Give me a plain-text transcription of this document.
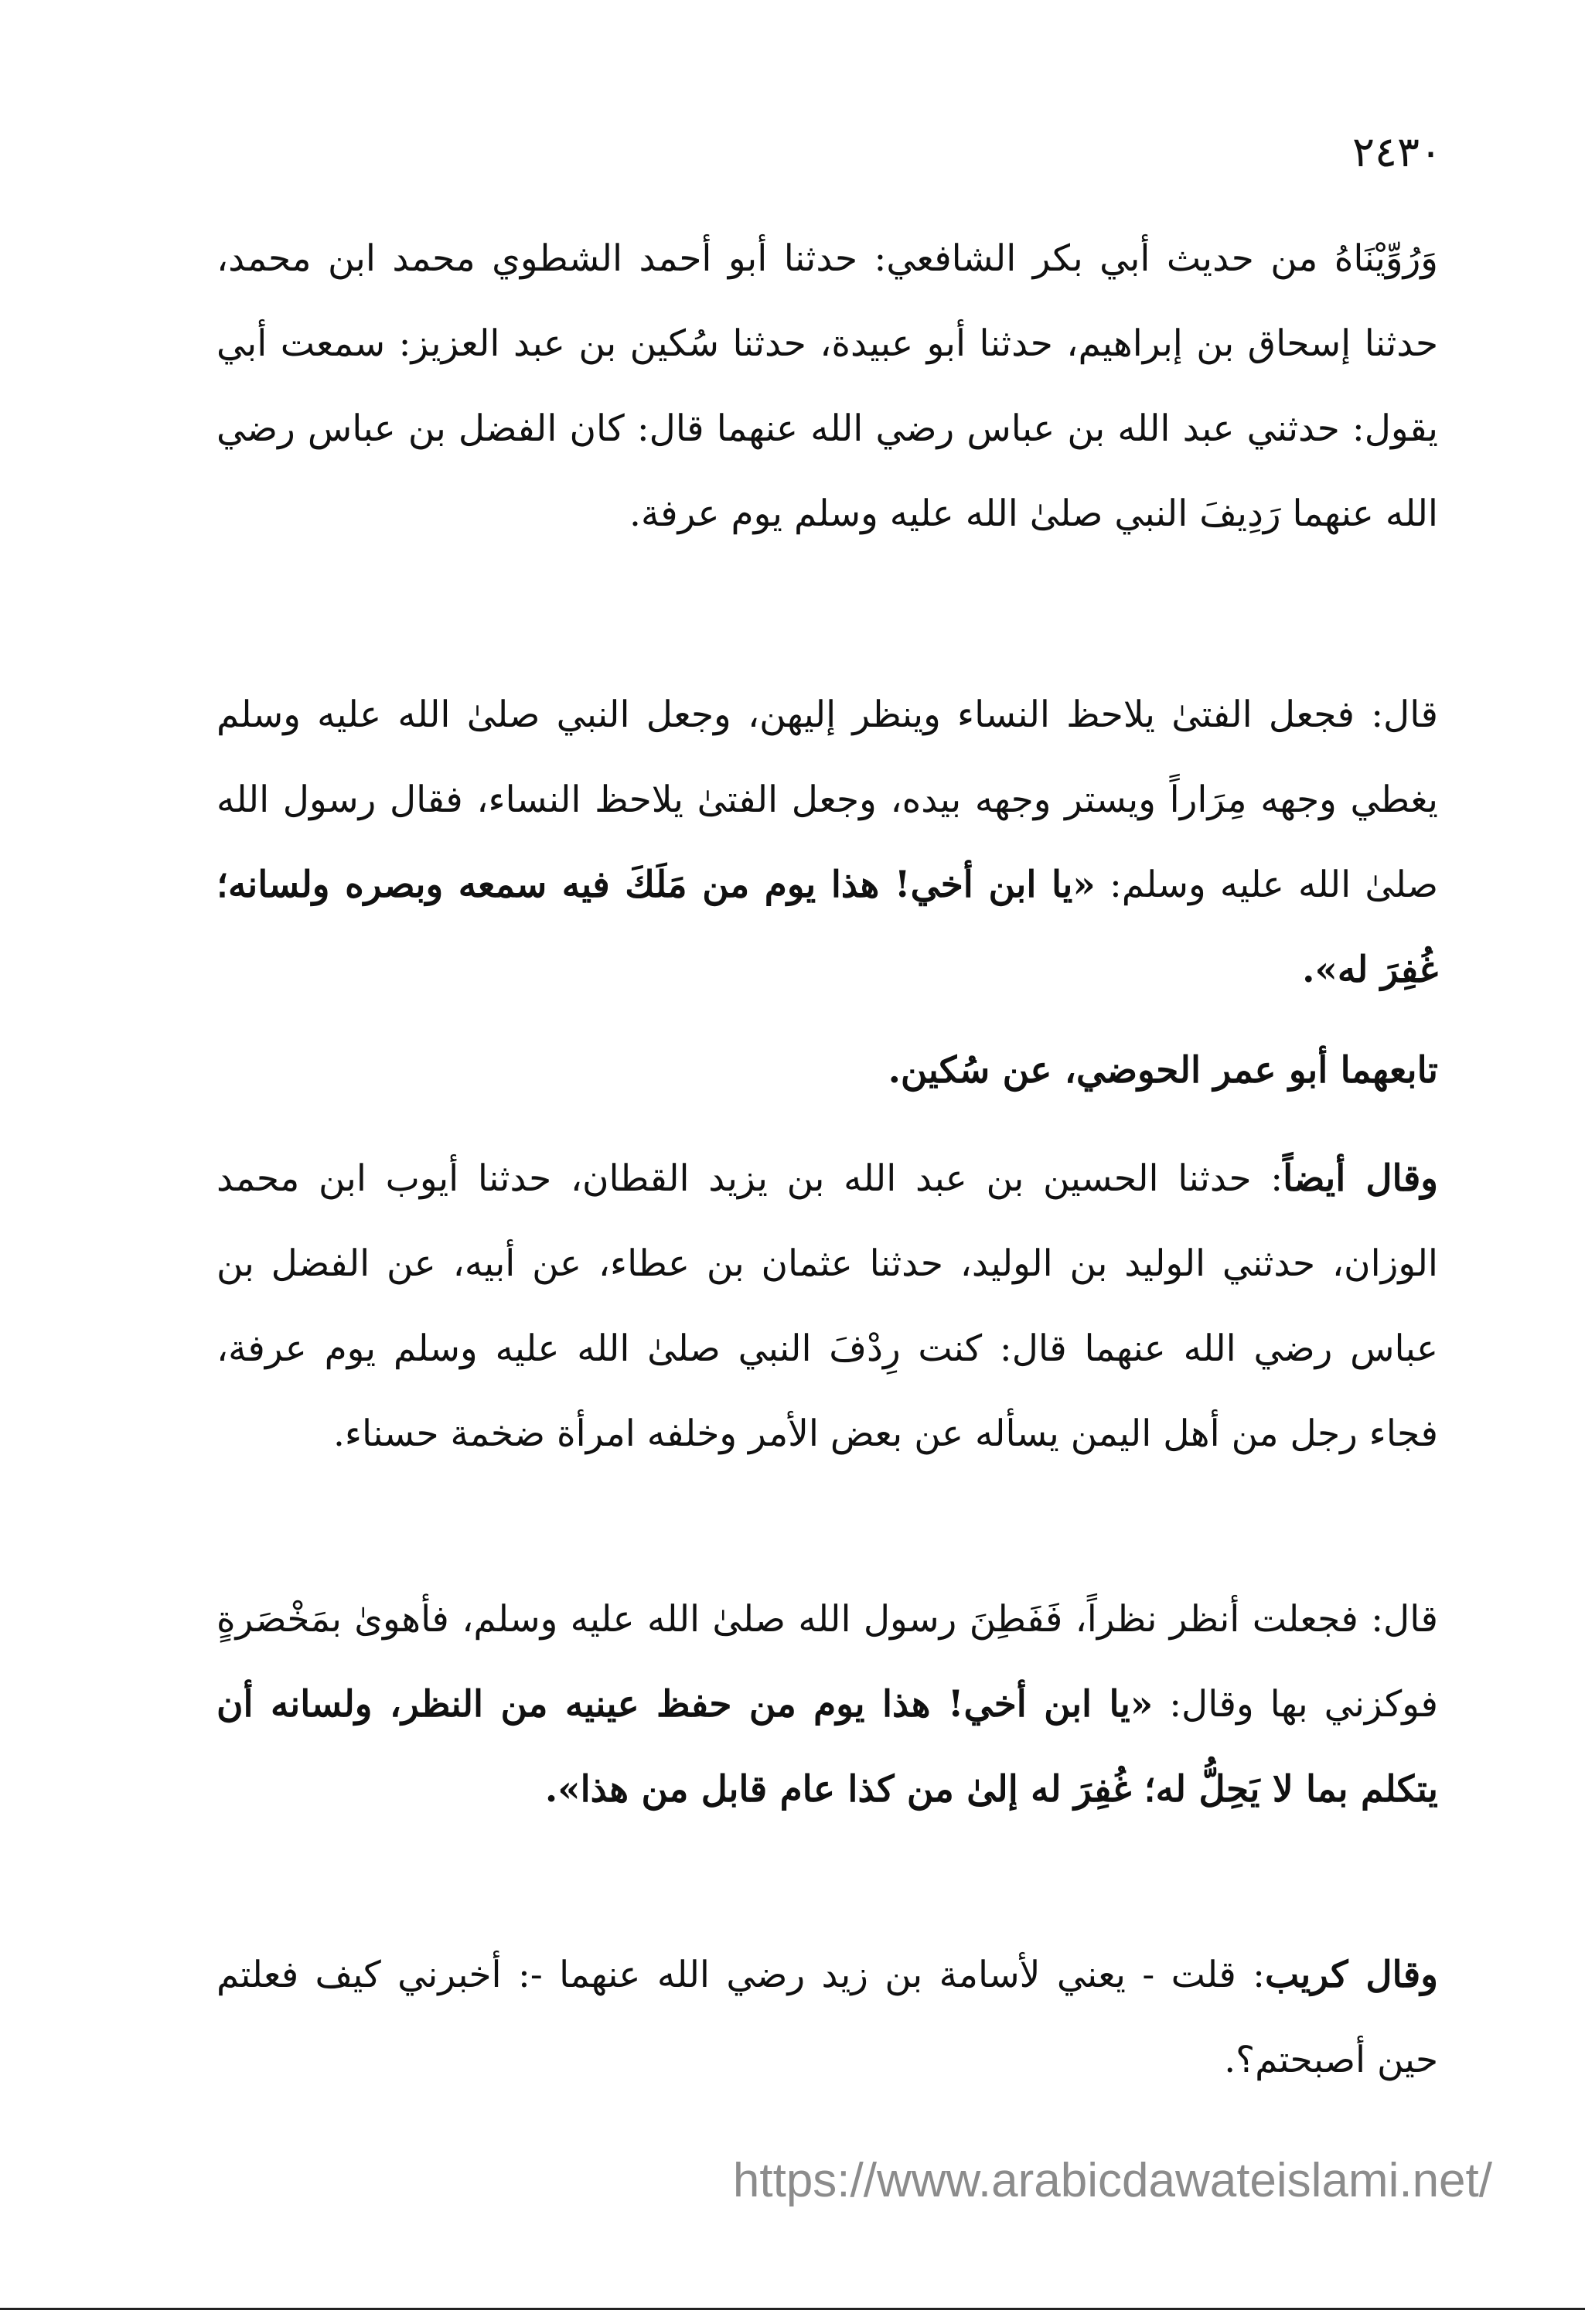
٢٤٣٠

وَرُوِّيْنَاهُ من حديث أبي بكر الشافعي: حدثنا أبو أحمد الشطوي محمد ابن محمد، حدثنا إسحاق بن إبراهيم، حدثنا أبو عبيدة، حدثنا سُكين بن عبد العزيز: سمعت أبي يقول: حدثني عبد الله بن عباس رضي الله عنهما قال: كان الفضل بن عباس رضي الله عنهما رَدِيفَ النبي صلىٰ الله عليه وسلم يوم عرفة.

قال: فجعل الفتىٰ يلاحظ النساء وينظر إليهن، وجعل النبي صلىٰ الله عليه وسلم يغطي وجهه مِرَاراً ويستر وجهه بيده، وجعل الفتىٰ يلاحظ النساء، فقال رسول الله صلىٰ الله عليه وسلم: «يا ابن أخي! هذا يوم من مَلَكَ فيه سمعه وبصره ولسانه؛ غُفِرَ له».

تابعهما أبو عمر الحوضي، عن سُكين.

وقال أيضاً: حدثنا الحسين بن عبد الله بن يزيد القطان، حدثنا أيوب ابن محمد الوزان، حدثني الوليد بن الوليد، حدثنا عثمان بن عطاء، عن أبيه، عن الفضل بن عباس رضي الله عنهما قال: كنت رِدْفَ النبي صلىٰ الله عليه وسلم يوم عرفة، فجاء رجل من أهل اليمن يسأله عن بعض الأمر وخلفه امرأة ضخمة حسناء.

قال: فجعلت أنظر نظراً، فَفَطِنَ رسول الله صلىٰ الله عليه وسلم، فأهوىٰ بمَخْصَرةٍ فوكزني بها وقال: «يا ابن أخي! هذا يوم من حفظ عينيه من النظر، ولسانه أن يتكلم بما لا يَحِلُّ له؛ غُفِرَ له إلىٰ من كذا عام قابل من هذا».

وقال كريب: قلت - يعني لأسامة بن زيد رضي الله عنهما -: أخبرني كيف فعلتم حين أصبحتم؟.

https://www.arabicdawateislami.net/
